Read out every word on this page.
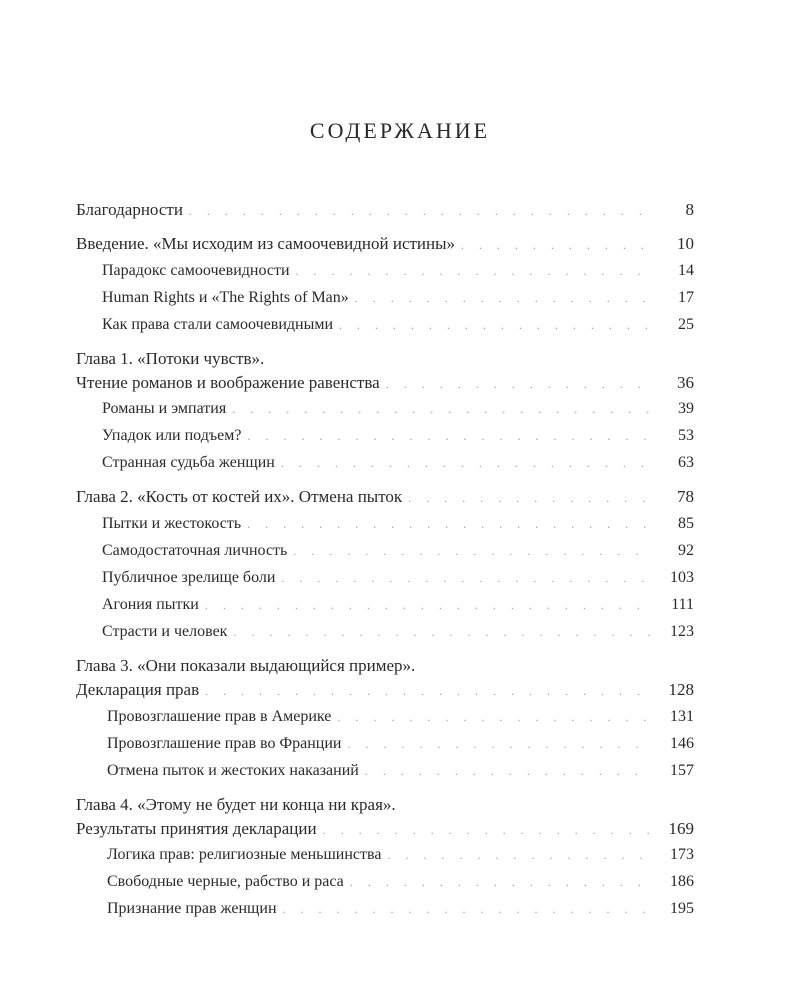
СОДЕРЖАНИЕ
Благодарности . . .	8
Введение. «Мы исходим из самоочевидной истины» . . .	10
Парадокс самоочевидности . . .	14
Human Rights и «The Rights of Man» . . .	17
Как права стали самоочевидными . . .	25
Глава 1. «Потоки чувств».
Чтение романов и воображение равенства . . .	36
Романы и эмпатия . . .	39
Упадок или подъем? . . .	53
Странная судьба женщин . . .	63
Глава 2. «Кость от костей их». Отмена пыток . . .	78
Пытки и жестокость . . .	85
Самодостаточная личность . . .	92
Публичное зрелище боли . . .	103
Агония пытки . . .	111
Страсти и человек . . .	123
Глава 3. «Они показали выдающийся пример».
Декларация прав . . .	128
Провозглашение прав в Америке . . .	131
Провозглашение прав во Франции . . .	146
Отмена пыток и жестоких наказаний . . .	157
Глава 4. «Этому не будет ни конца ни края».
Результаты принятия декларации . . .	169
Логика прав: религиозные меньшинства . . .	173
Свободные черные, рабство и раса . . .	186
Признание прав женщин . . .	195
